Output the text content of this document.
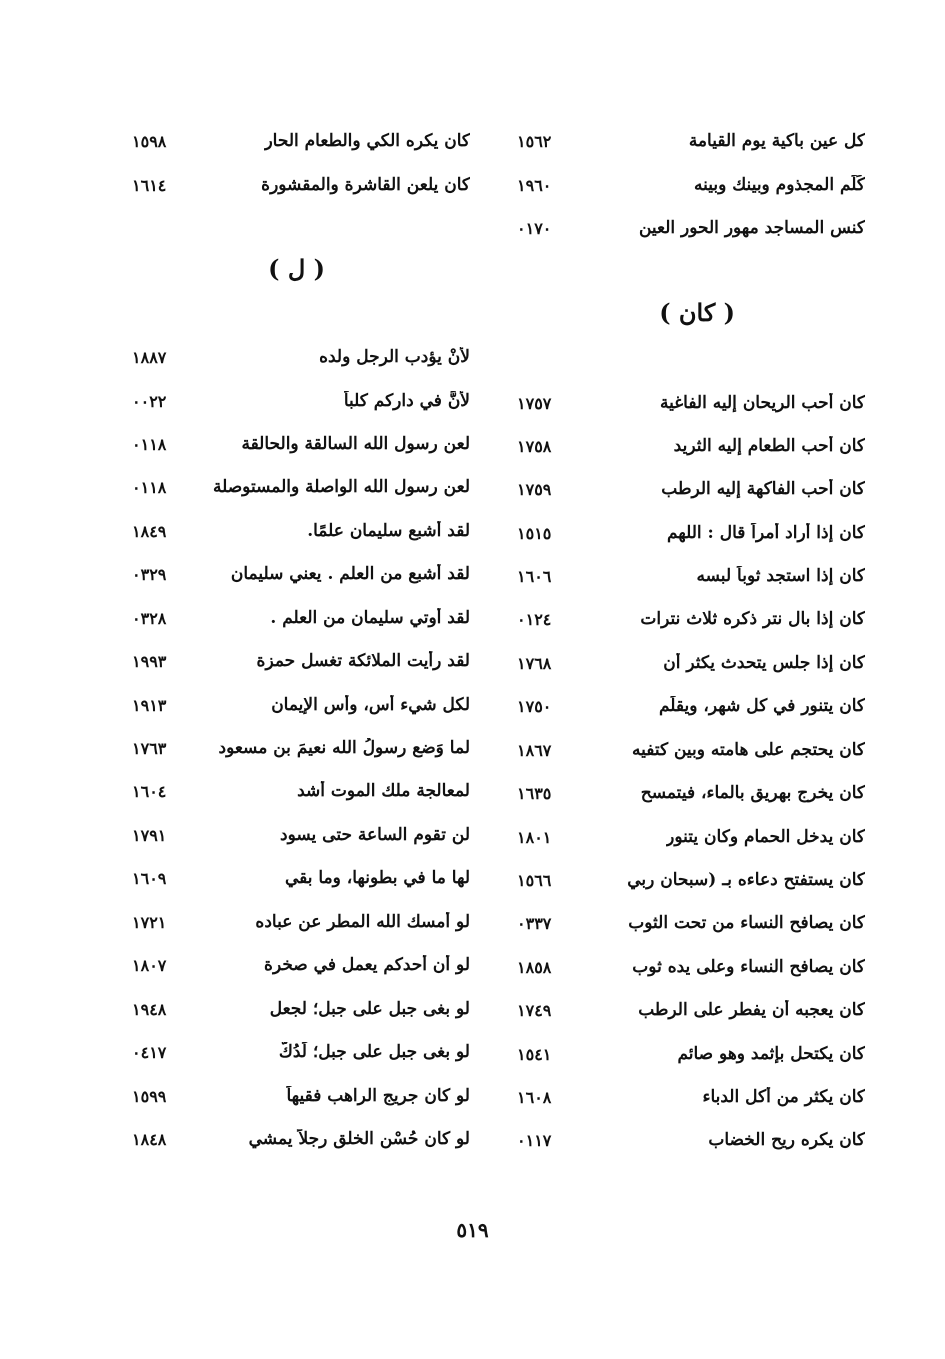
كل عين باكية يوم القيامة
١٥٦٢
كَلِّم المجذوم وبينك وبينه
١٩٦٠
كنس المساجد مهور الحور العين
٠١٧٠
( كان )
كان أحب الريحان إليه الفاغية
١٧٥٧
كان أحب الطعام إليه الثريد
١٧٥٨
كان أحب الفاكهة إليه الرطب
١٧٥٩
كان إذا أراد أمراً قال : اللهم
١٥١٥
كان إذا استجد ثوباً لبسه
١٦٠٦
كان إذا بال نتر ذكره ثلاث نترات
٠١٢٤
كان إذا جلس يتحدث يكثر أن
١٧٦٨
كان يتنور في كل شهر، ويقلِّم
١٧٥٠
كان يحتجم على هامته وبين كتفيه
١٨٦٧
كان يخرج بهريق بالماء، فيتمسح
١٦٣٥
كان يدخل الحمام وكان يتنور
١٨٠١
كان يستفتح دعاءه بـ (سبحان ربي
١٥٦٦
كان يصافح النساء من تحت الثوب
٠٣٣٧
كان يصافح النساء وعلى يده ثوب
١٨٥٨
كان يعجبه أن يفطر على الرطب
١٧٤٩
كان يكتحل بإثمد وهو صائم
١٥٤١
كان يكثر من أكل الدباء
١٦٠٨
كان يكره ريح الخضاب
٠١١٧
كان يكره الكي والطعام الحار
١٥٩٨
كان يلعن القاشرة والمقشورة
١٦١٤
( ل )
لأنْ يؤدب الرجل ولده
١٨٨٧
لأنَّ في داركم كلباً
٠٠٢٢
لعن رسول الله السالقة والحالقة
٠١١٨
لعن رسول الله الواصلة والمستوصلة
٠١١٨
لقد أُشبع سليمان علمًا.
١٨٤٩
لقد أُشبع من العلم . يعني سليمان
٠٣٢٩
لقد أوتي سليمان من العلم .
٠٣٢٨
لقد رأيت الملائكة تغسل حمزة
١٩٩٣
لكل شيء أس، وأس الإيمان
١٩١٣
لما وَضع رسولُ الله نعيمَ بن مسعود
١٧٦٣
لمعالجة ملك الموت أشد
١٦٠٤
لن تقوم الساعة حتى يسود
١٧٩١
لها ما في بطونها، وما بقي
١٦٠٩
لو أمسك الله المطر عن عباده
١٧٢١
لو أن أحدكم يعمل في صخرة
١٨٠٧
لو بغى جبل على جبل؛ لجعل
١٩٤٨
لو بغى جبل على جبل؛ لَدُكَّ
٠٤١٧
لو كان جريج الراهب فقيهاً
١٥٩٩
لو كان حُسْن الخلق رجلاً يمشي
١٨٤٨
٥١٩
